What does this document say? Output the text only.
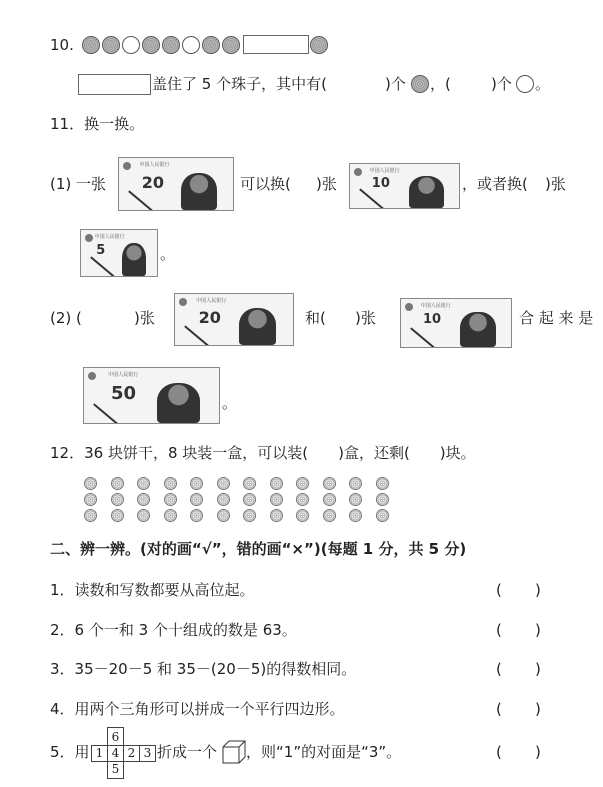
10.
盖住了 5 个珠子，其中有(	)个 ，(	)个 。
11．换一换。
(1) 一张
中国人民银行
20	可以换( )张
中国人民银行
10	，或者换( )张
中国人民银行
5	。
(2) (	)张
中国人民银行
20	和( )张
中国人民银行
10	合 起 来 是
中国人民银行
50	。
12．36 块饼干，8 块装一盒，可以装(　　)盒，还剩(　　)块。
二、辨一辨。(对的画“√”，错的画“×”)(每题 1 分，共 5 分)
1．读数和写数都要从高位起。	( )
2．6 个一和 3 个十组成的数是 63。	( )
3．35－20－5 和 35－(20－5)的得数相同。	( )
4．用两个三角形可以拼成一个平行四边形。	( )
5．用
6
1 4 2 3
5
折成一个 ，则“1”的对面是“3”。	( )
